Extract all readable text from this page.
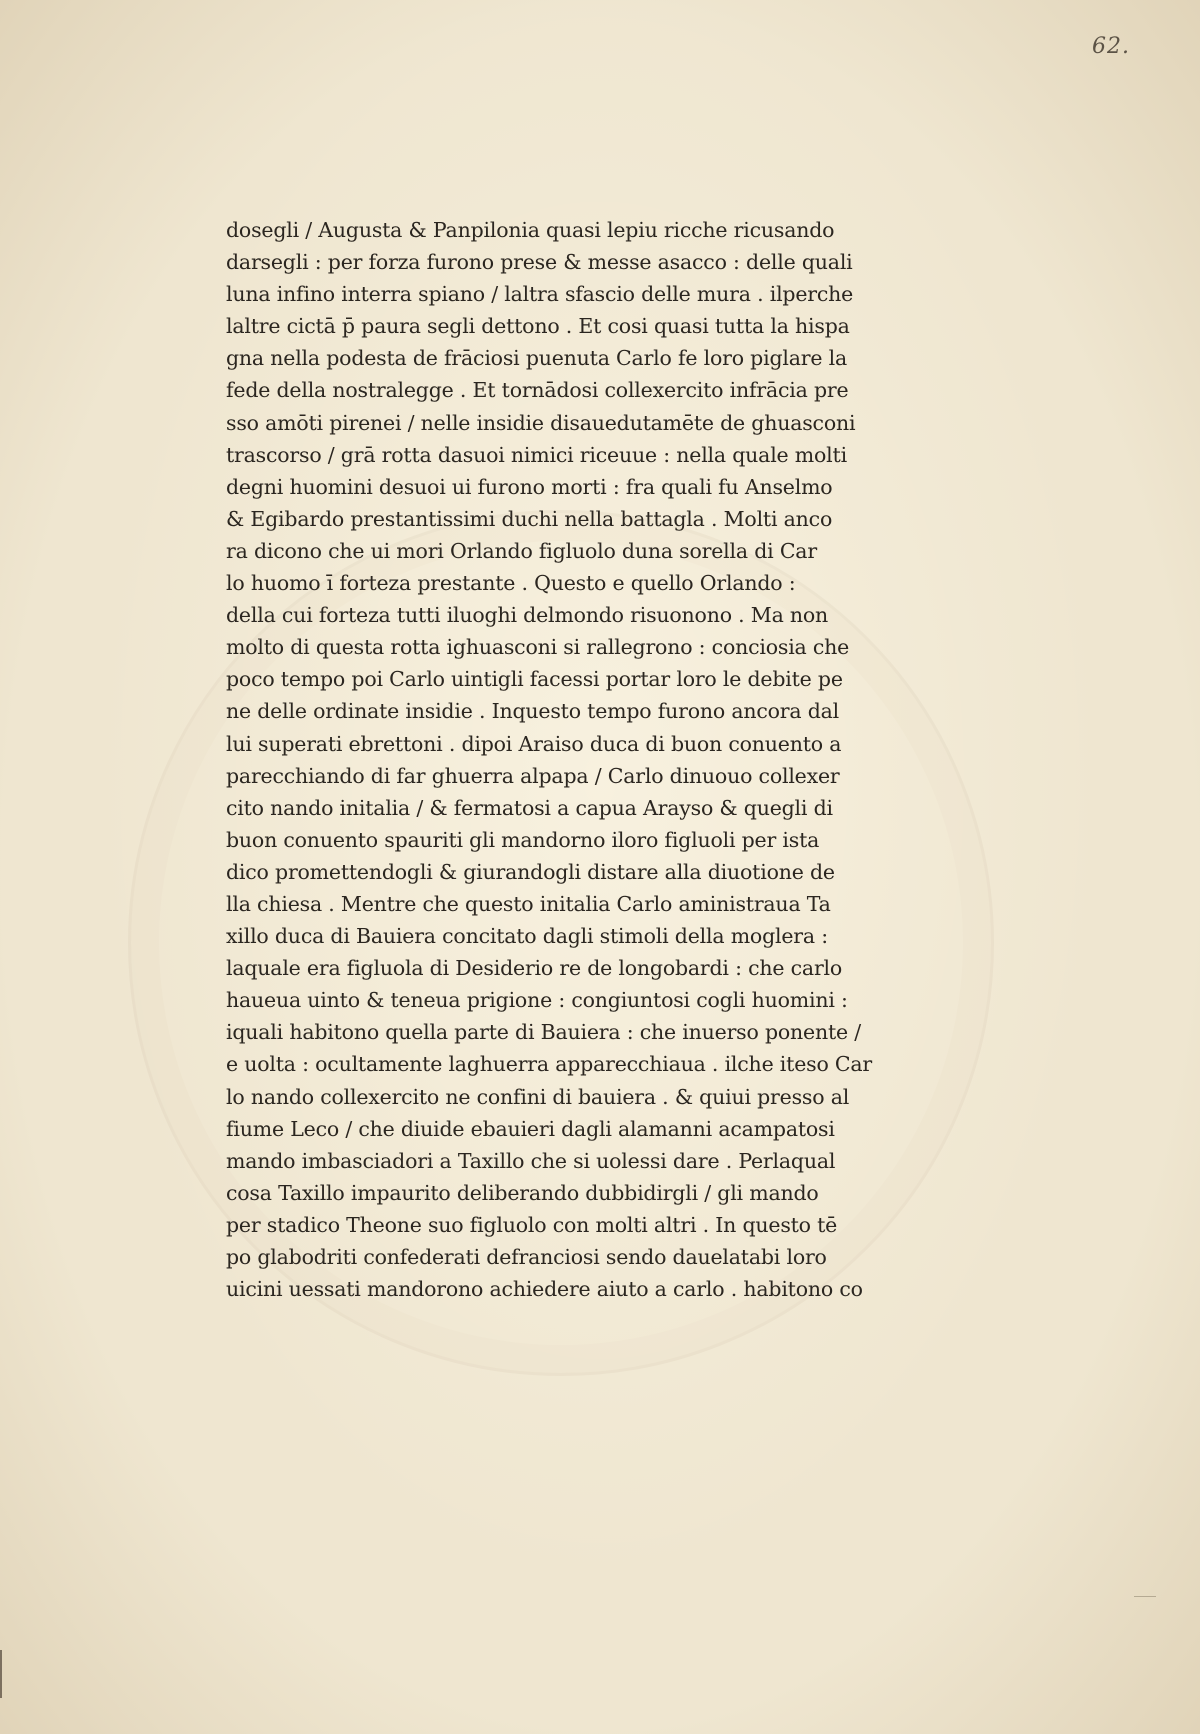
62.
dosegli / Augusta & Panpilonia quasi lepiu ricche ricusando
darsegli : per forza furono prese & messe asacco : delle quali
luna infino interra spiano / laltra sfascio delle mura . ilperche
laltre cictā p̄ paura segli dettono . Et cosi quasi tutta la hispa
gna nella podesta de frāciosi puenuta Carlo fe loro piglare la
fede della nostralegge . Et tornādosi collexercito infrācia pre
sso amōti pirenei / nelle insidie disauedutamēte de ghuasconi
trascorso / grā rotta dasuoi nimici riceuue : nella quale molti
degni huomini desuoi ui furono morti : fra quali fu Anselmo
& Egibardo prestantissimi duchi nella battagla . Molti anco
ra dicono che ui mori Orlando figluolo duna sorella di Car
lo huomo ī forteza prestante . Questo e quello Orlando :
della cui forteza tutti iluoghi delmondo risuonono . Ma non
molto di questa rotta ighuasconi si rallegrono : conciosia che
poco tempo poi Carlo uintigli facessi portar loro le debite pe
ne delle ordinate insidie . Inquesto tempo furono ancora dal
lui superati ebrettoni . dipoi Araiso duca di buon conuento a
parecchiando di far ghuerra alpapa / Carlo dinuouo collexer
cito nando initalia / & fermatosi a capua Araysο & quegli di
buon conuento spauriti gli mandorno iloro figluoli per ista
dico promettendogli & giurandogli distare alla diuotione de
lla chiesa . Mentre che questo initalia Carlo aministraua Ta
xillo duca di Bauiera concitato dagli stimoli della moglera :
laquale era figluola di Desiderio re de longobardi : che carlo
haueua uinto & teneua prigione : congiuntosi cogli huomini :
iquali habitono quella parte di Bauiera : che inuerso ponente /
e uolta : ocultamente laghuerra apparecchiaua . ilche iteso Car
lo nando collexercito ne confini di bauiera . & quiui presso al
fiume Leco / che diuide ebauieri dagli alamanni acampatosi
mando imbasciadori a Taxillo che si uolessi dare . Perlaqual
cosa Taxillo impaurito deliberando dubbidirgli / gli mando
per stadico Theone suo figluolo con molti altri . In questo tē
po glabodriti confederati defranciosi sendo dauelatabi loro
uicini uessati mandorono achiedere aiuto a carlo . habitono co
